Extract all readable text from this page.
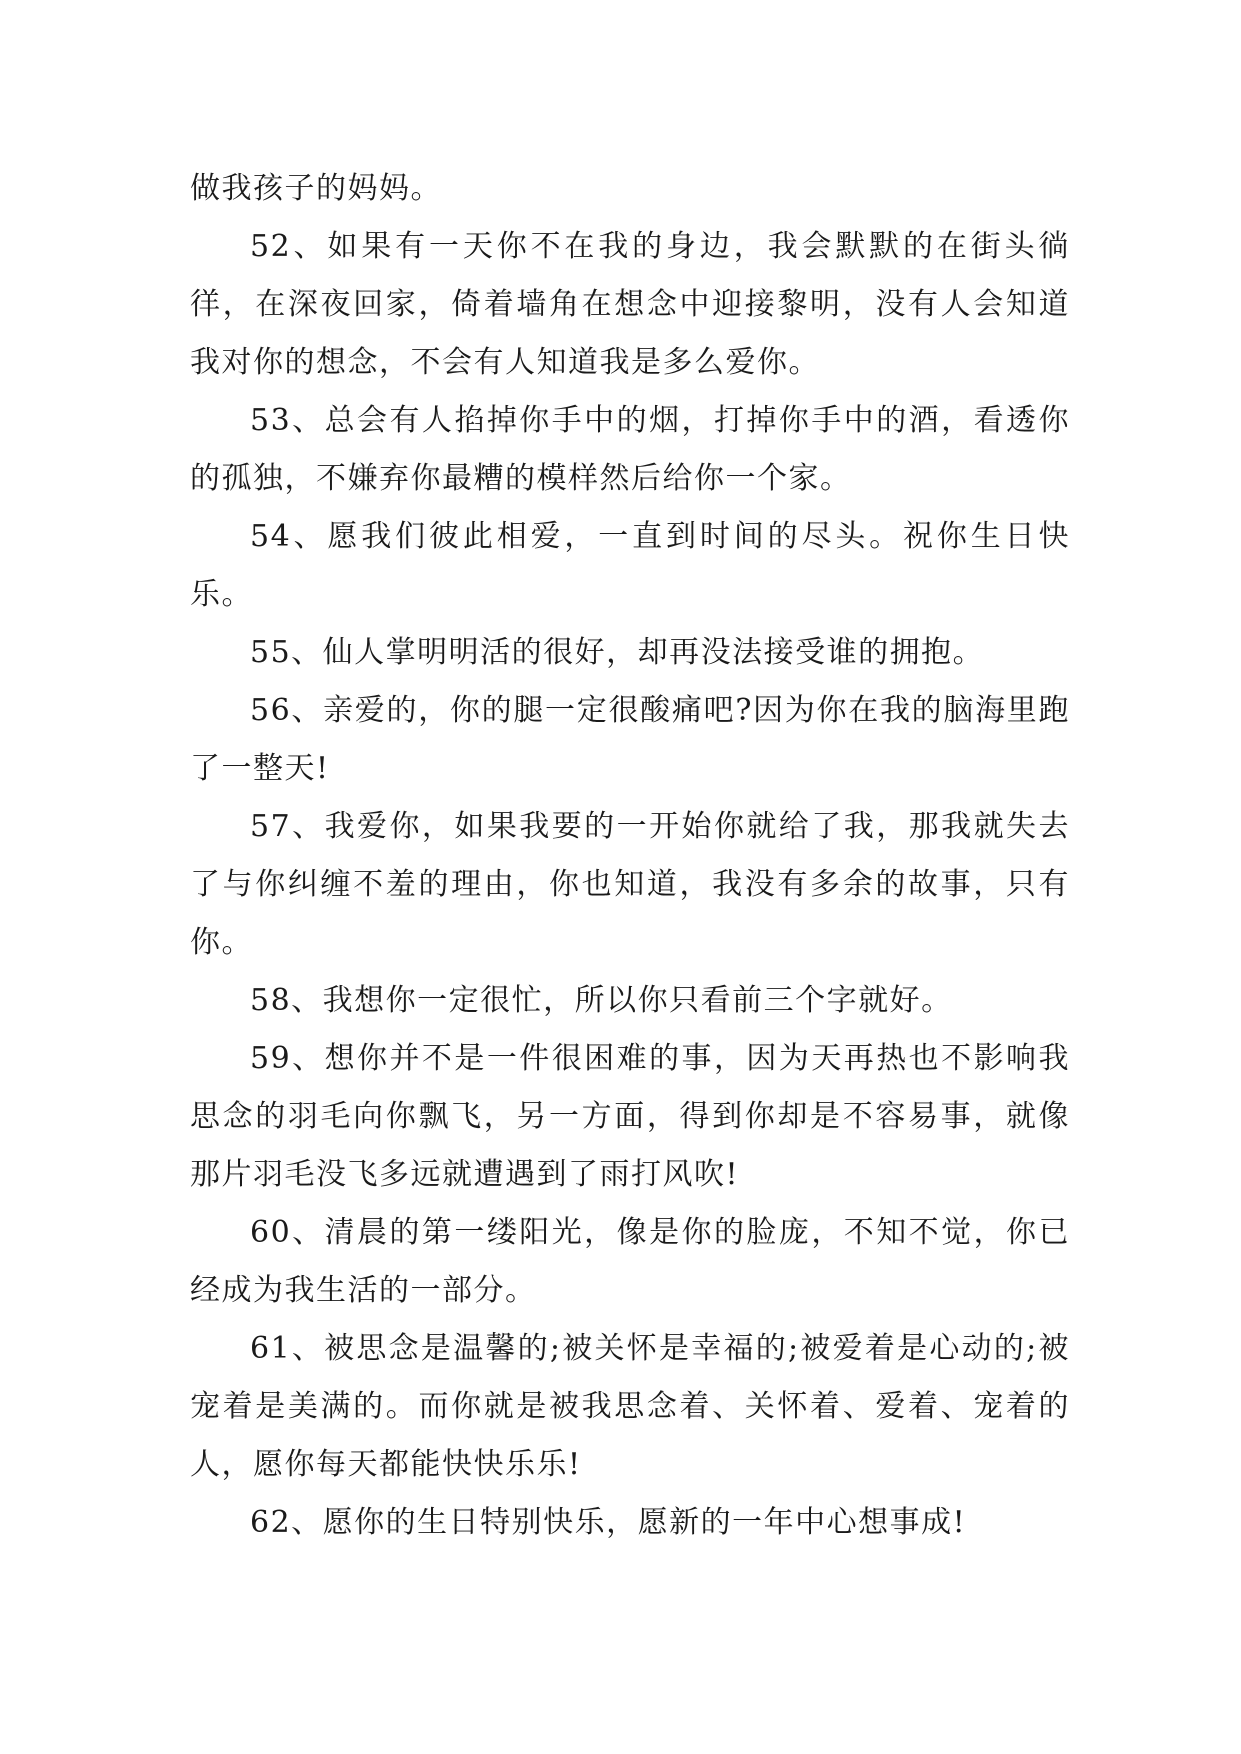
做我孩子的妈妈。

52、如果有一天你不在我的身边，我会默默的在街头徜徉，在深夜回家，倚着墙角在想念中迎接黎明，没有人会知道我对你的想念，不会有人知道我是多么爱你。

53、总会有人掐掉你手中的烟，打掉你手中的酒，看透你的孤独，不嫌弃你最糟的模样然后给你一个家。

54、愿我们彼此相爱，一直到时间的尽头。祝你生日快乐。

55、仙人掌明明活的很好，却再没法接受谁的拥抱。

56、亲爱的，你的腿一定很酸痛吧?因为你在我的脑海里跑了一整天!

57、我爱你，如果我要的一开始你就给了我，那我就失去了与你纠缠不羞的理由，你也知道，我没有多余的故事，只有你。

58、我想你一定很忙，所以你只看前三个字就好。

59、想你并不是一件很困难的事，因为天再热也不影响我思念的羽毛向你飘飞，另一方面，得到你却是不容易事，就像那片羽毛没飞多远就遭遇到了雨打风吹!

60、清晨的第一缕阳光，像是你的脸庞，不知不觉，你已经成为我生活的一部分。

61、被思念是温馨的;被关怀是幸福的;被爱着是心动的;被宠着是美满的。而你就是被我思念着、关怀着、爱着、宠着的人，愿你每天都能快快乐乐!

62、愿你的生日特别快乐，愿新的一年中心想事成!
